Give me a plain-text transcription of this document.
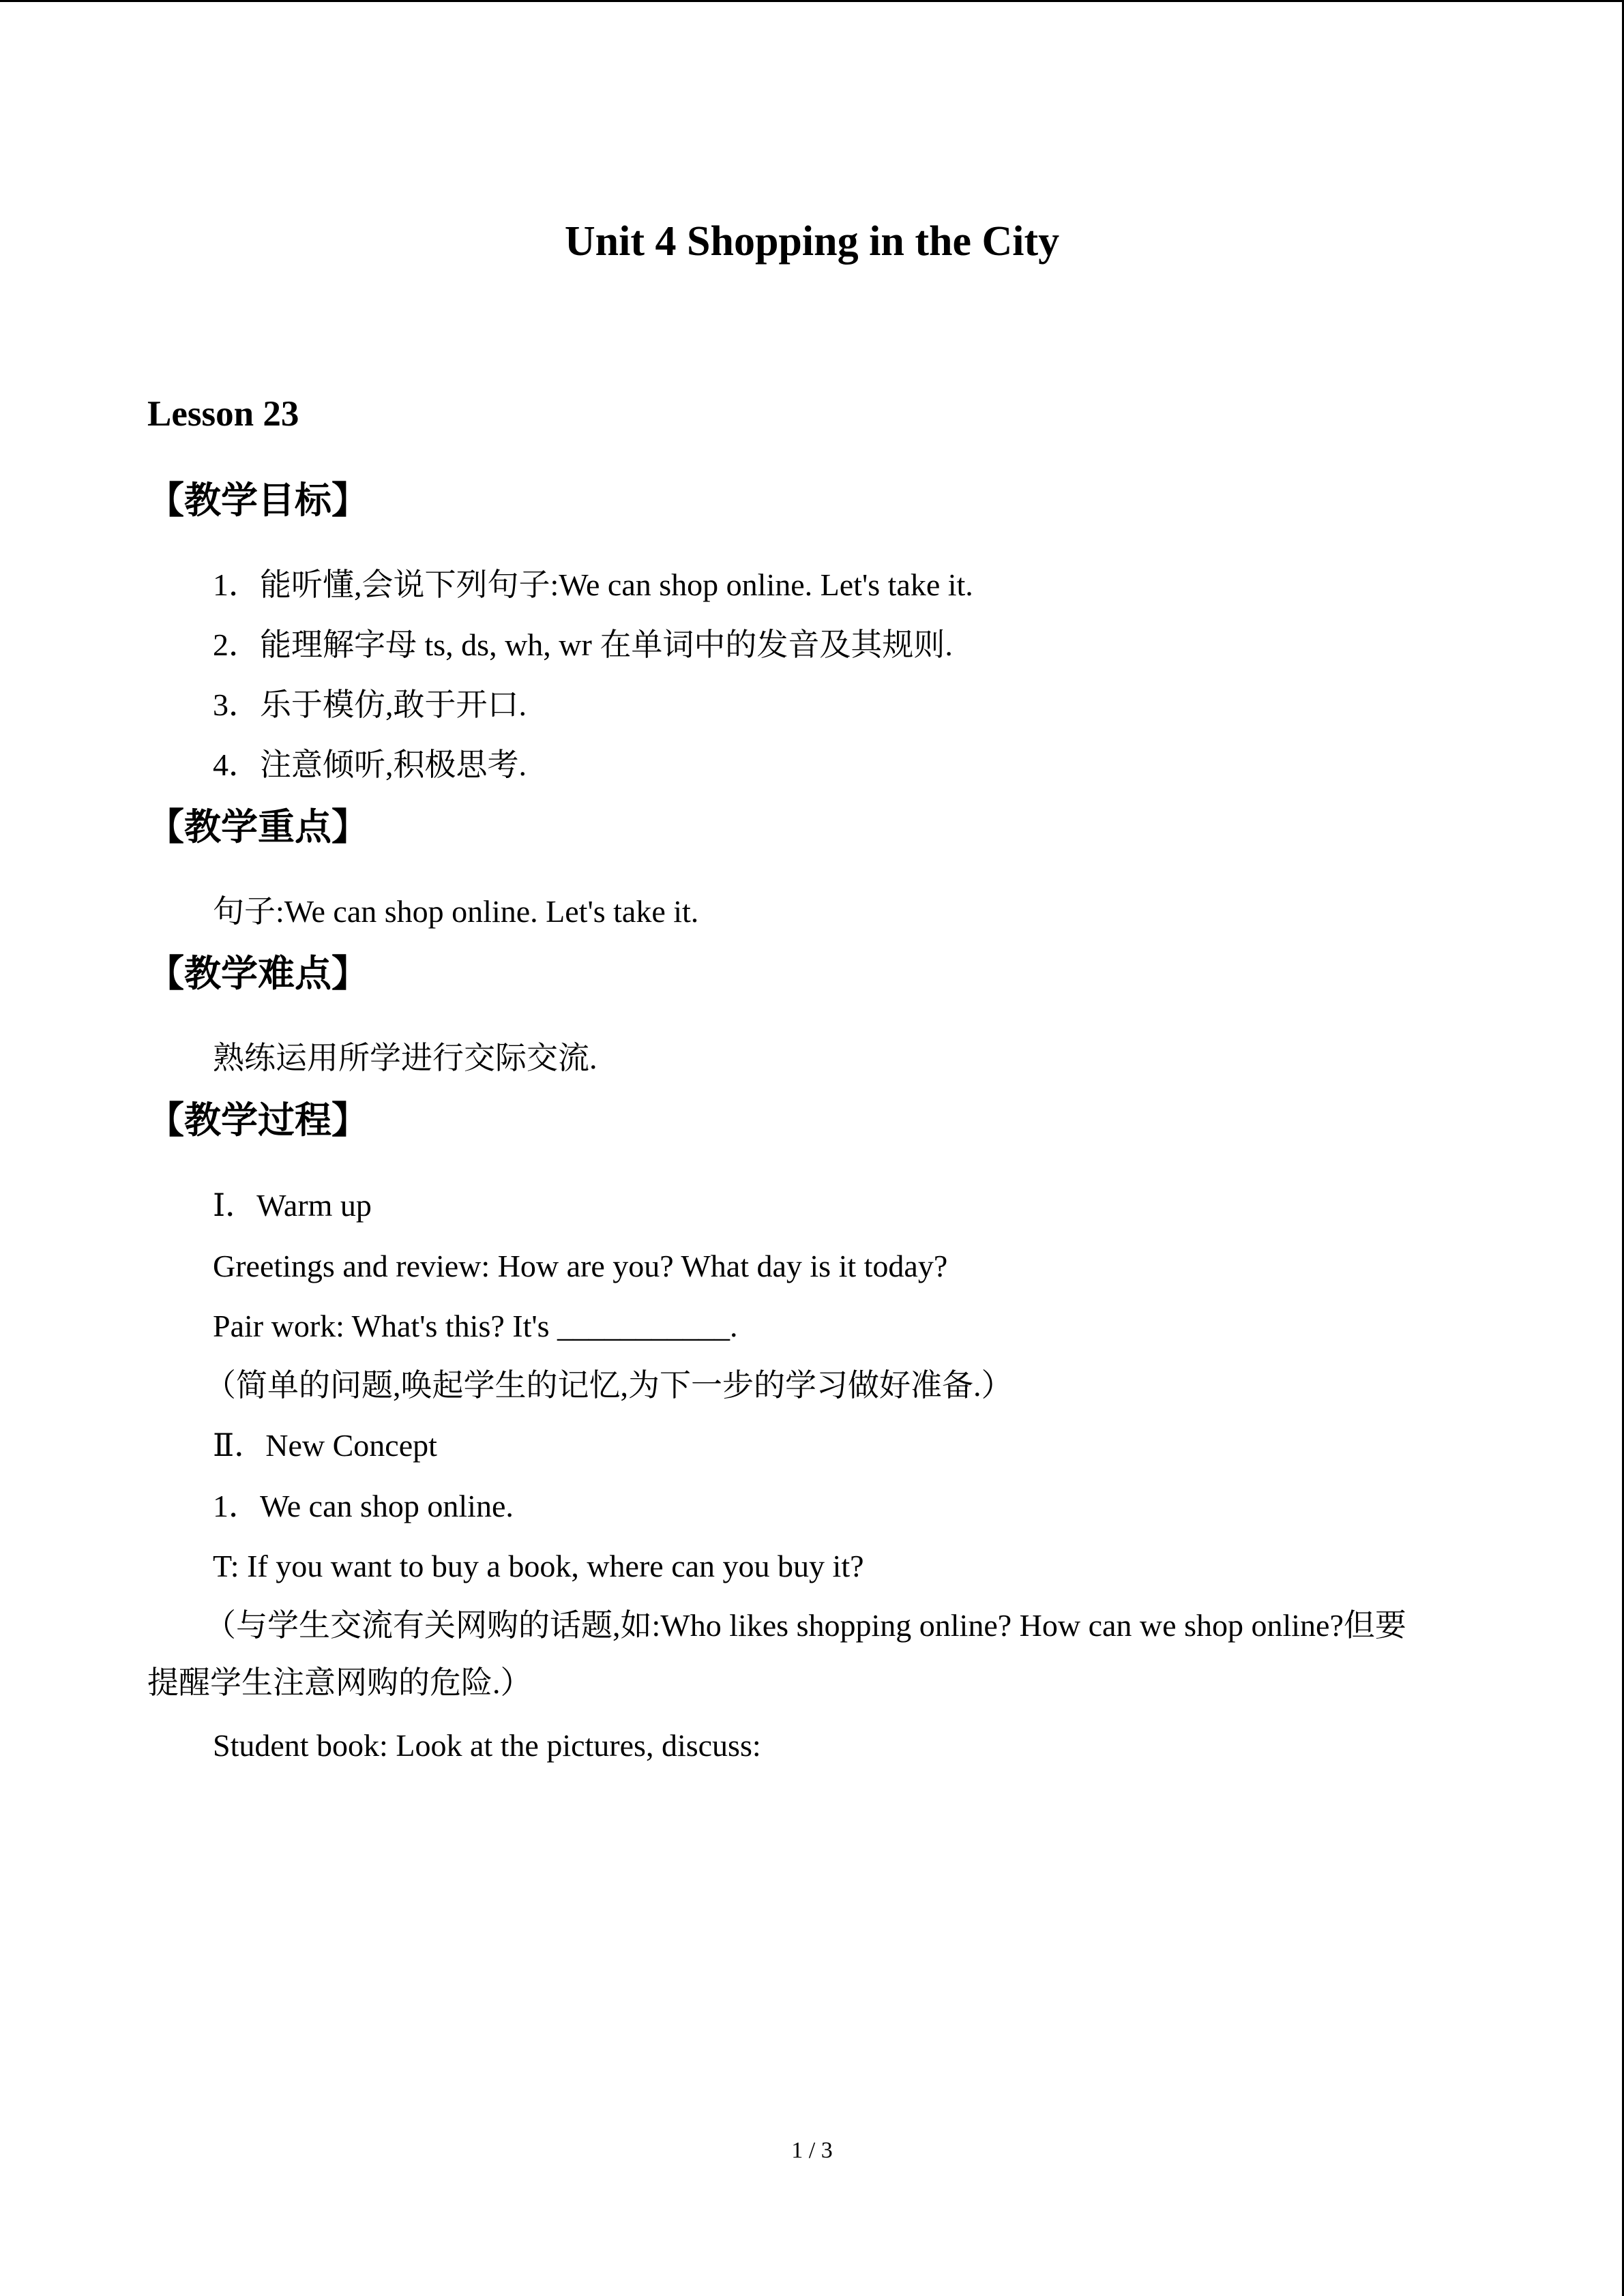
Unit 4 Shopping in the City
Lesson 23
【教学目标】
1．能听懂,会说下列句子:We can shop online. Let's take it.
2．能理解字母 ts, ds, wh, wr 在单词中的发音及其规则.
3．乐于模仿,敢于开口.
4．注意倾听,积极思考.
【教学重点】
句子:We can shop online. Let's take it.
【教学难点】
熟练运用所学进行交际交流.
【教学过程】
Ⅰ．Warm up
Greetings and review: How are you? What day is it today?
Pair work: What's this? It's ___________.
（简单的问题,唤起学生的记忆,为下一步的学习做好准备.）
Ⅱ．New Concept
1．We can shop online.
T: If you want to buy a book, where can you buy it?
（与学生交流有关网购的话题,如:Who likes shopping online? How can we shop online?但要
提醒学生注意网购的危险.）
Student book: Look at the pictures, discuss:
1 / 3
